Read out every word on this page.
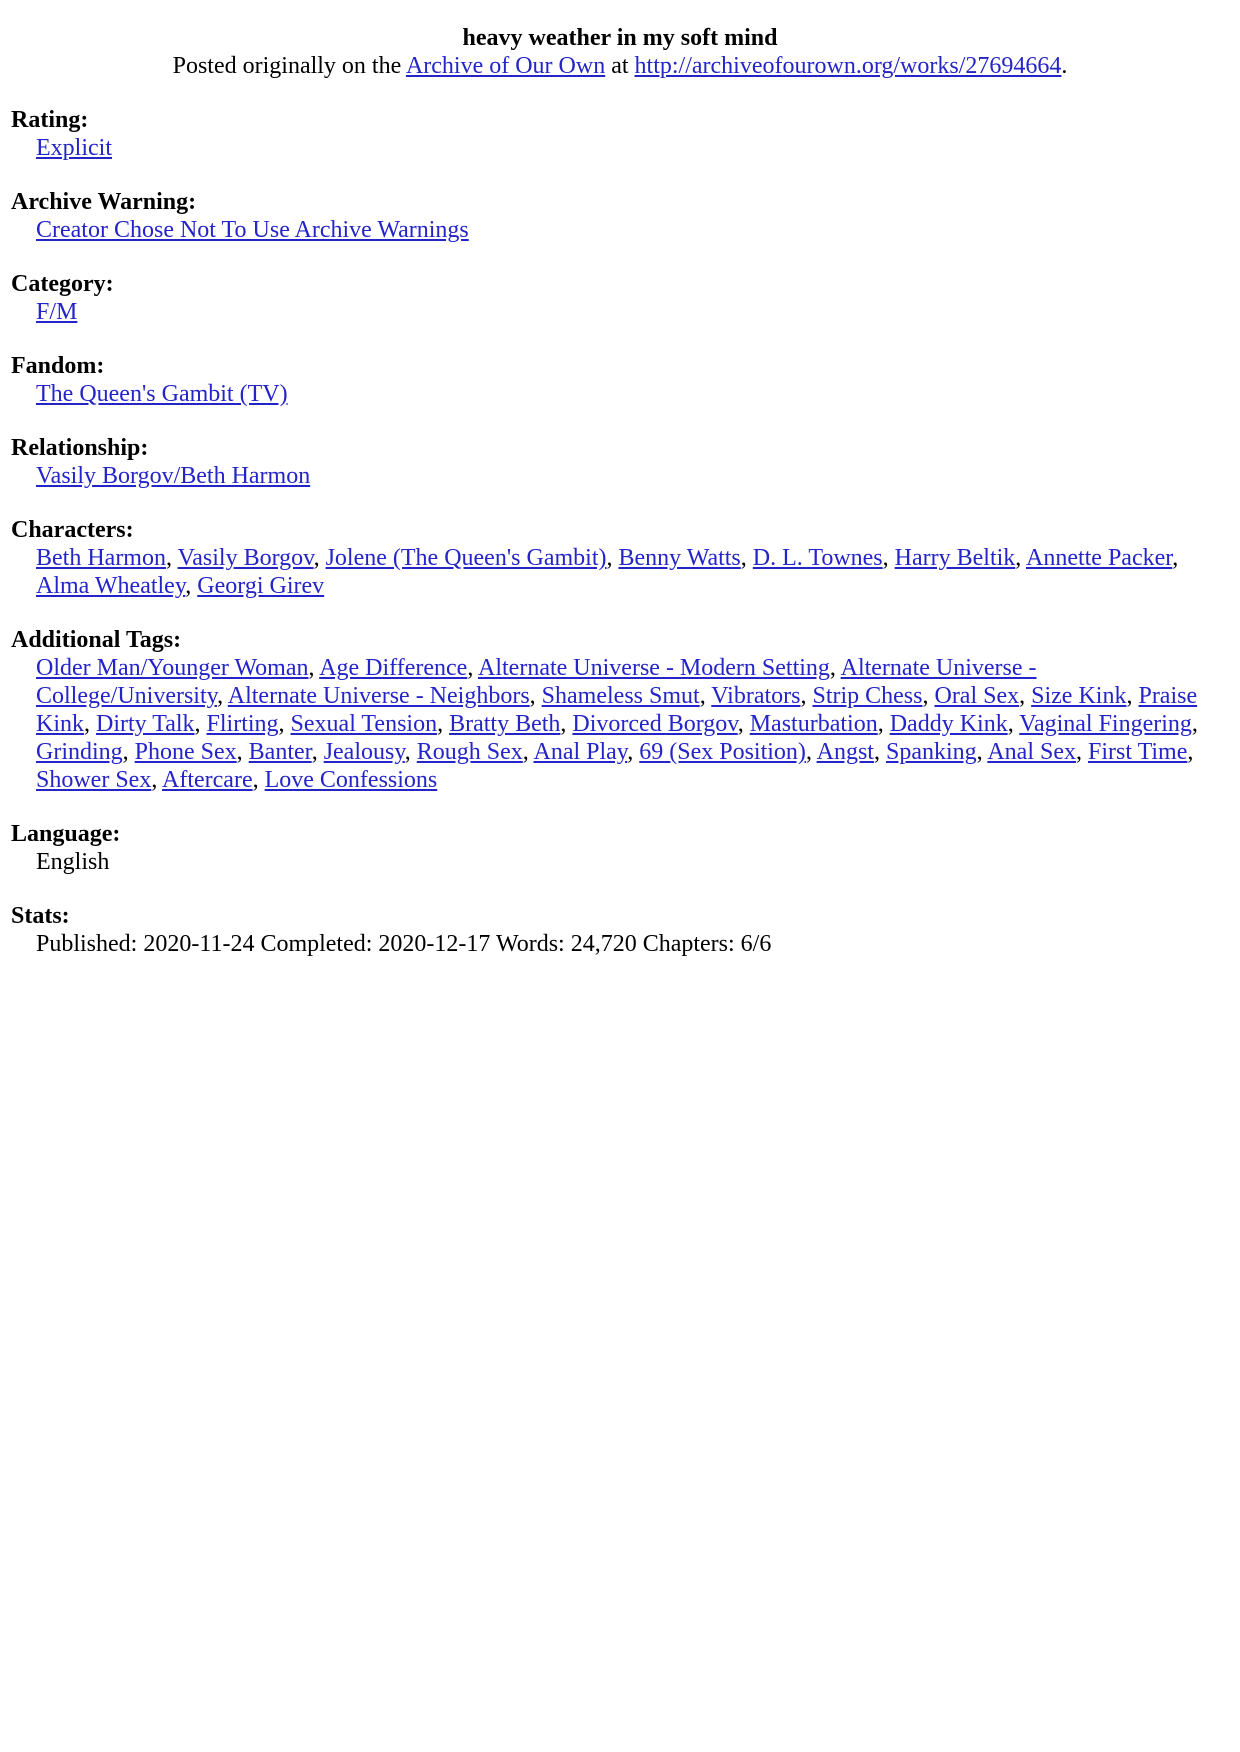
heavy weather in my soft mind
Posted originally on the Archive of Our Own at http://archiveofourown.org/works/27694664.
Rating:
Explicit
Archive Warning:
Creator Chose Not To Use Archive Warnings
Category:
F/M
Fandom:
The Queen's Gambit (TV)
Relationship:
Vasily Borgov/Beth Harmon
Characters:
Beth Harmon, Vasily Borgov, Jolene (The Queen's Gambit), Benny Watts, D. L. Townes, Harry Beltik, Annette Packer, Alma Wheatley, Georgi Girev
Additional Tags:
Older Man/Younger Woman, Age Difference, Alternate Universe - Modern Setting, Alternate Universe - College/University, Alternate Universe - Neighbors, Shameless Smut, Vibrators, Strip Chess, Oral Sex, Size Kink, Praise Kink, Dirty Talk, Flirting, Sexual Tension, Bratty Beth, Divorced Borgov, Masturbation, Daddy Kink, Vaginal Fingering, Grinding, Phone Sex, Banter, Jealousy, Rough Sex, Anal Play, 69 (Sex Position), Angst, Spanking, Anal Sex, First Time, Shower Sex, Aftercare, Love Confessions
Language:
English
Stats:
Published: 2020-11-24 Completed: 2020-12-17 Words: 24,720 Chapters: 6/6
